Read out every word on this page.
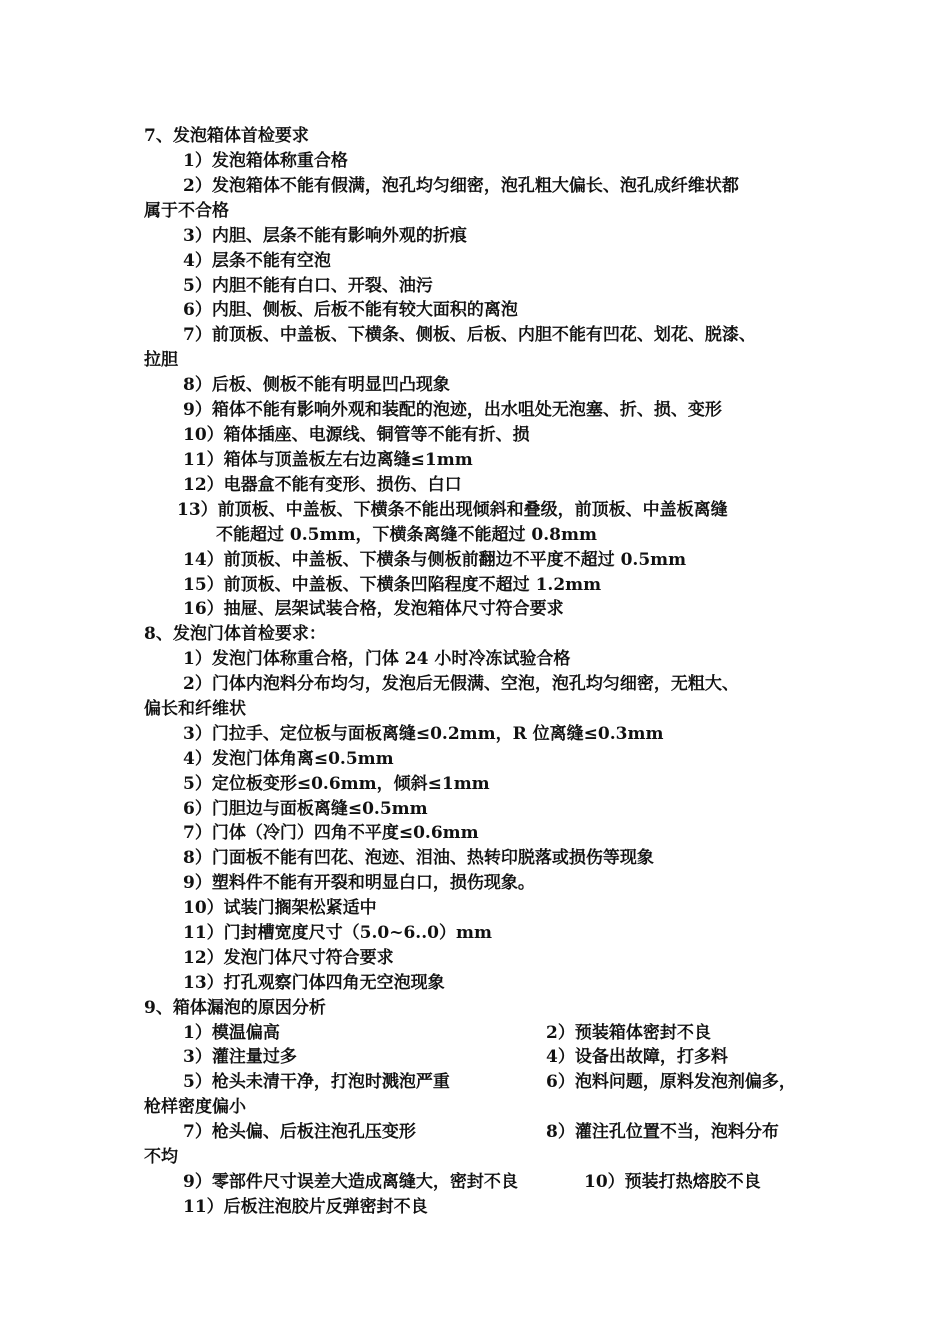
7、发泡箱体首检要求
1）发泡箱体称重合格
2）发泡箱体不能有假满，泡孔均匀细密，泡孔粗大偏长、泡孔成纤维状都
属于不合格
3）内胆、层条不能有影响外观的折痕
4）层条不能有空泡
5）内胆不能有白口、开裂、油污
6）内胆、侧板、后板不能有较大面积的离泡
7）前顶板、中盖板、下横条、侧板、后板、内胆不能有凹花、划花、脱漆、
拉胆
8）后板、侧板不能有明显凹凸现象
9）箱体不能有影响外观和装配的泡迹，出水咀处无泡塞、折、损、变形
10）箱体插座、电源线、铜管等不能有折、损
11）箱体与顶盖板左右边离缝≤1mm
12）电器盒不能有变形、损伤、白口
13）前顶板、中盖板、下横条不能出现倾斜和叠级，前顶板、中盖板离缝
不能超过 0.5mm，下横条离缝不能超过 0.8mm
14）前顶板、中盖板、下横条与侧板前翻边不平度不超过 0.5mm
15）前顶板、中盖板、下横条凹陷程度不超过 1.2mm
16）抽屉、层架试装合格，发泡箱体尺寸符合要求
8、发泡门体首检要求：
1）发泡门体称重合格，门体 24 小时冷冻试验合格
2）门体内泡料分布均匀，发泡后无假满、空泡，泡孔均匀细密，无粗大、
偏长和纤维状
3）门拉手、定位板与面板离缝≤0.2mm，R 位离缝≤0.3mm
4）发泡门体角离≤0.5mm
5）定位板变形≤0.6mm，倾斜≤1mm
6）门胆边与面板离缝≤0.5mm
7）门体（冷门）四角不平度≤0.6mm
8）门面板不能有凹花、泡迹、泪油、热转印脱落或损伤等现象
9）塑料件不能有开裂和明显白口，损伤现象。
10）试装门搁架松紧适中
11）门封槽宽度尺寸（5.0~6..0）mm
12）发泡门体尺寸符合要求
13）打孔观察门体四角无空泡现象
9、箱体漏泡的原因分析
1）模温偏高	2）预装箱体密封不良
3）灌注量过多	4）设备出故障，打多料
5）枪头未清干净，打泡时溅泡严重	6）泡料问题，原料发泡剂偏多，
枪样密度偏小
7）枪头偏、后板注泡孔压变形	8）灌注孔位置不当，泡料分布
不均
9）零部件尺寸误差大造成离缝大，密封不良	10）预装打热熔胶不良
11）后板注泡胶片反弹密封不良
